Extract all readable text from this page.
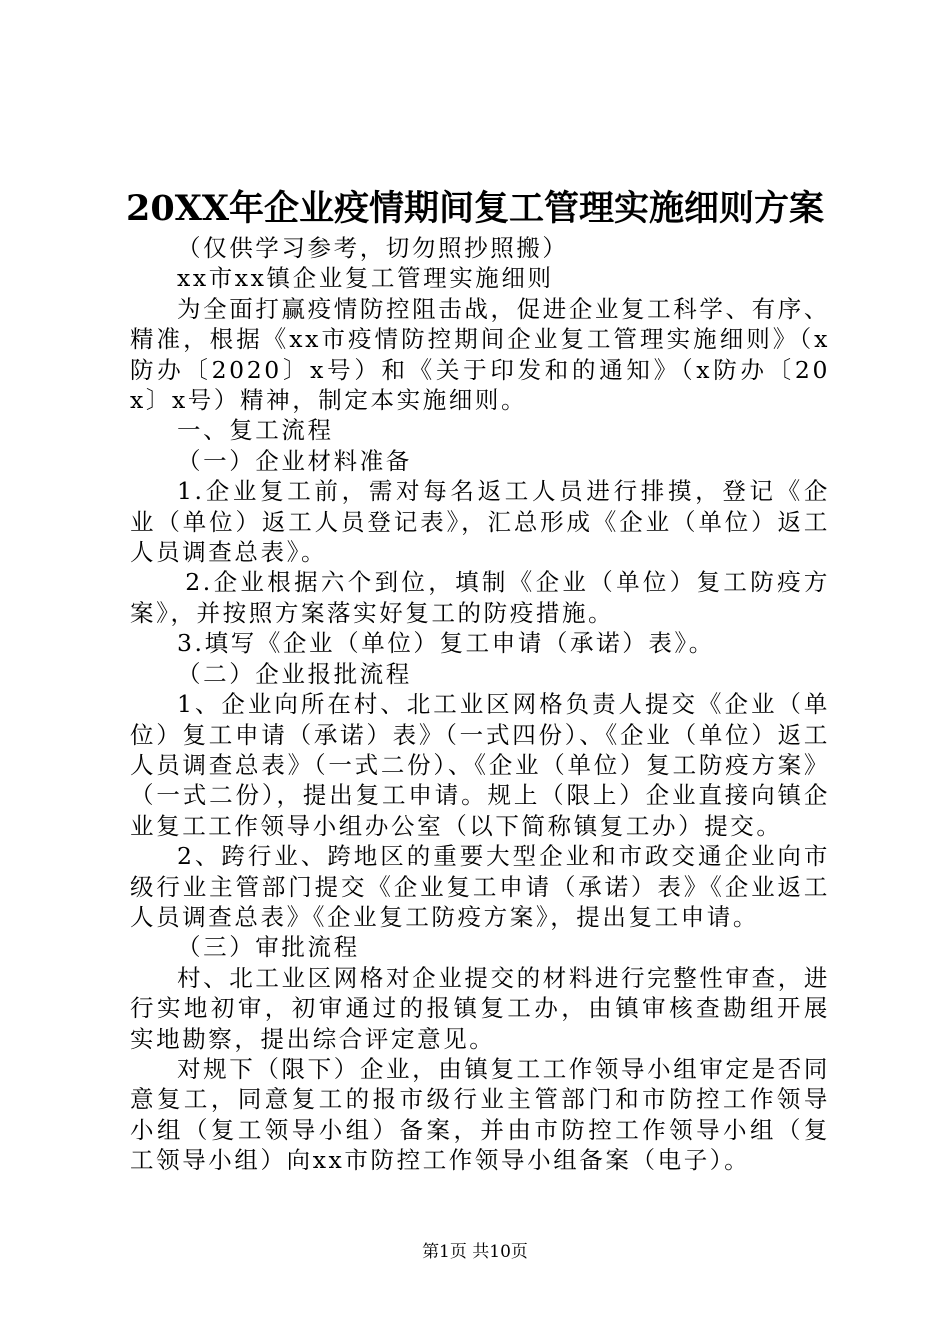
20XX年企业疫情期间复工管理实施细则方案

（仅供学习参考，切勿照抄照搬）

xx市xx镇企业复工管理实施细则

为全面打赢疫情防控阻击战，促进企业复工科学、有序、精准，根据《xx市疫情防控期间企业复工管理实施细则》（x防办〔2020〕x号）和《关于印发和的通知》（x防办〔20x〕x号）精神，制定本实施细则。

一、复工流程

（一）企业材料准备

1.企业复工前，需对每名返工人员进行排摸，登记《企业（单位）返工人员登记表》，汇总形成《企业（单位）返工人员调查总表》。

2.企业根据六个到位，填制《企业（单位）复工防疫方案》，并按照方案落实好复工的防疫措施。

3.填写《企业（单位）复工申请（承诺）表》。

（二）企业报批流程

1、企业向所在村、北工业区网格负责人提交《企业（单位）复工申请（承诺）表》（一式四份）、《企业（单位）返工人员调查总表》（一式二份）、《企业（单位）复工防疫方案》（一式二份），提出复工申请。规上（限上）企业直接向镇企业复工工作领导小组办公室（以下简称镇复工办）提交。

2、跨行业、跨地区的重要大型企业和市政交通企业向市级行业主管部门提交《企业复工申请（承诺）表》《企业返工人员调查总表》《企业复工防疫方案》，提出复工申请。

（三）审批流程

村、北工业区网格对企业提交的材料进行完整性审查，进行实地初审，初审通过的报镇复工办，由镇审核查勘组开展实地勘察，提出综合评定意见。

对规下（限下）企业，由镇复工工作领导小组审定是否同意复工，同意复工的报市级行业主管部门和市防控工作领导小组（复工领导小组）备案，并由市防控工作领导小组（复工领导小组）向xx市防控工作领导小组备案（电子）。

第1页 共10页
